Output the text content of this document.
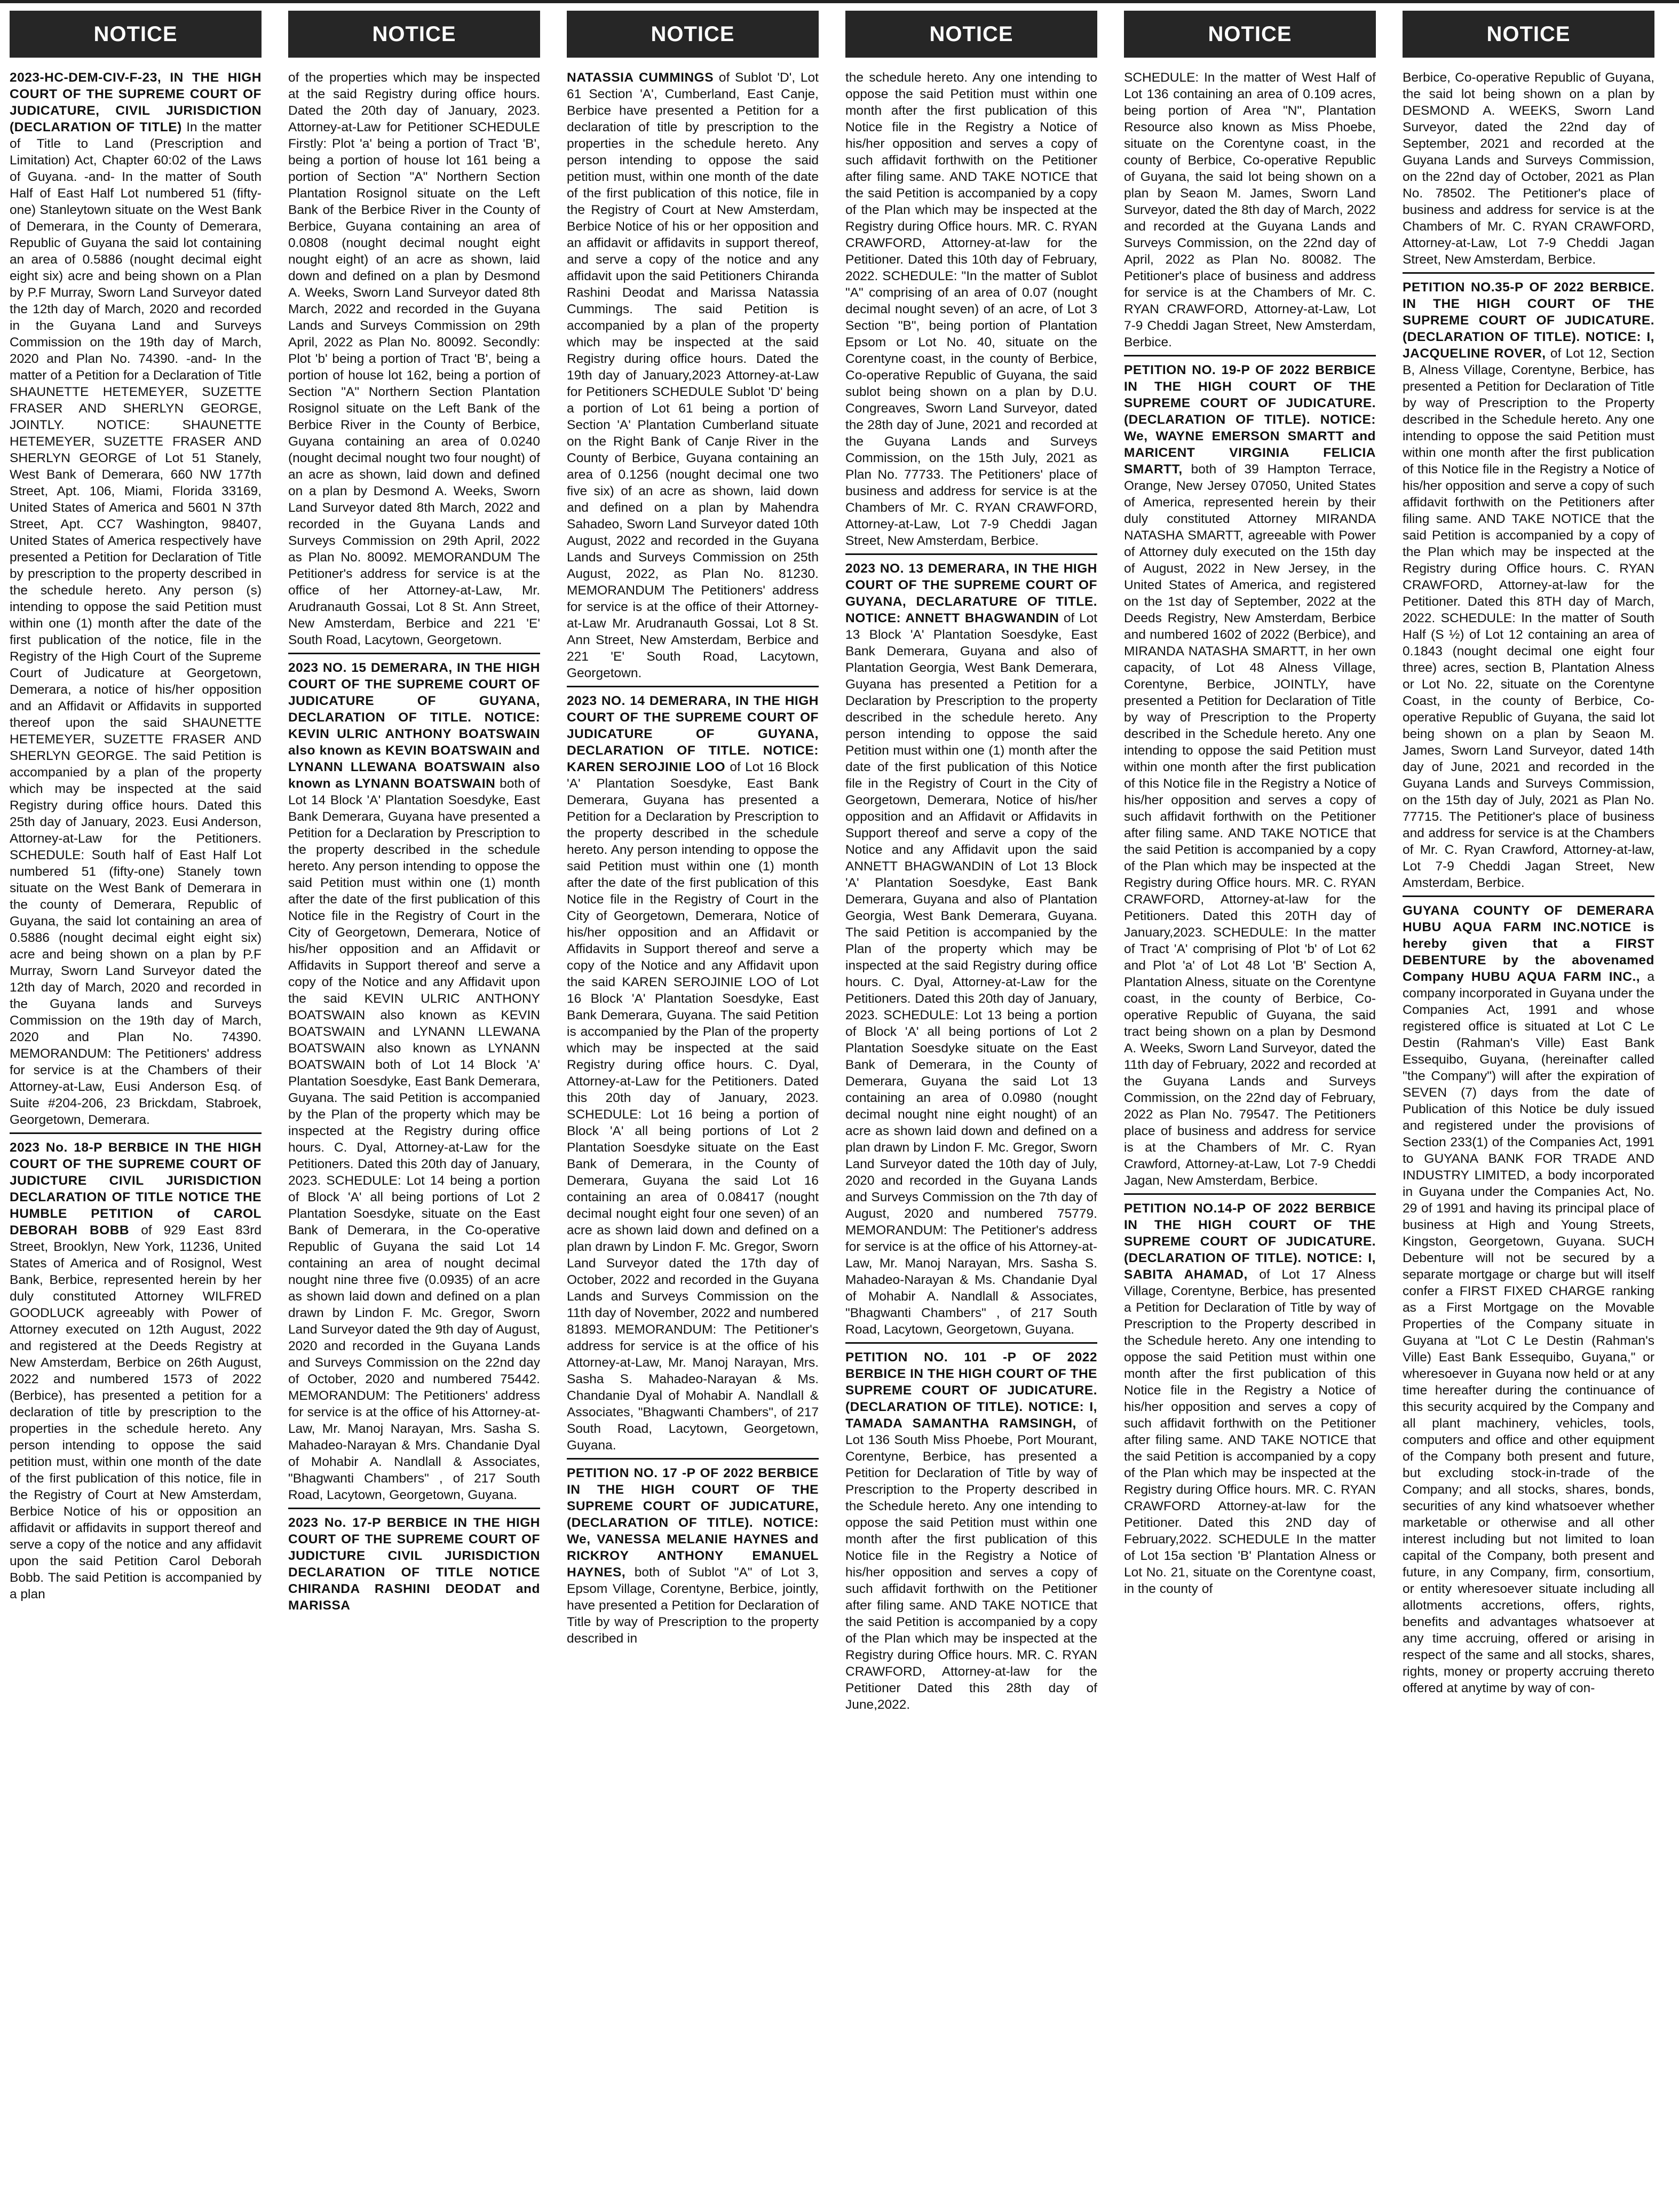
NOTICE
2023-HC-DEM-CIV-F-23, IN THE HIGH COURT OF THE SUPREME COURT OF JUDICATURE, CIVIL JURISDICTION (DECLARATION OF TITLE) In the matter of Title to Land (Prescription and Limitation) Act, Chapter 60:02 of the Laws of Guyana. -and- In the matter of South Half of East Half Lot numbered 51 (fifty-one) Stanleytown situate on the West Bank of Demerara, in the County of Demerara, Republic of Guyana the said lot containing an area of 0.5886 (nought decimal eight eight six) acre and being shown on a Plan by P.F Murray, Sworn Land Surveyor dated the 12th day of March, 2020 and recorded in the Guyana Land and Surveys Commission on the 19th day of March, 2020 and Plan No. 74390. -and- In the matter of a Petition for a Declaration of Title SHAUNETTE HETEMEYER, SUZETTE FRASER AND SHERLYN GEORGE, JOINTLY. NOTICE: SHAUNETTE HETEMEYER, SUZETTE FRASER AND SHERLYN GEORGE of Lot 51 Stanely, West Bank of Demerara, 660 NW 177th Street, Apt. 106, Miami, Florida 33169, United States of America and 5601 N 37th Street, Apt. CC7 Washington, 98407, United States of America respectively have presented a Petition for Declaration of Title by prescription to the property described in the schedule hereto. Any person (s) intending to oppose the said Petition must within one (1) month after the date of the first publication of the notice, file in the Registry of the High Court of the Supreme Court of Judicature at Georgetown, Demerara, a notice of his/her opposition and an Affidavit or Affidavits in supported thereof upon the said SHAUNETTE HETEMEYER, SUZETTE FRASER AND SHERLYN GEORGE. The said Petition is accompanied by a plan of the property which may be inspected at the said Registry during office hours. Dated this 25th day of January, 2023. Eusi Anderson, Attorney-at-Law for the Petitioners. SCHEDULE: South half of East Half Lot numbered 51 (fifty-one) Stanely town situate on the West Bank of Demerara in the county of Demerara, Republic of Guyana, the said lot containing an area of 0.5886 (nought decimal eight eight six) acre and being shown on a plan by P.F Murray, Sworn Land Surveyor dated the 12th day of March, 2020 and recorded in the Guyana lands and Surveys Commission on the 19th day of March, 2020 and Plan No. 74390. MEMORANDUM: The Petitioners' address for service is at the Chambers of their Attorney-at-Law, Eusi Anderson Esq. of Suite #204-206, 23 Brickdam, Stabroek, Georgetown, Demerara.
2023 No. 18-P BERBICE IN THE HIGH COURT OF THE SUPREME COURT OF JUDICTURE CIVIL JURISDICTION DECLARATION OF TITLE NOTICE THE HUMBLE PETITION of CAROL DEBORAH BOBB of 929 East 83rd Street, Brooklyn, New York, 11236, United States of America and of Rosignol, West Bank, Berbice, represented herein by her duly constituted Attorney WILFRED GOODLUCK agreeably with Power of Attorney executed on 12th August, 2022 and registered at the Deeds Registry at New Amsterdam, Berbice on 26th August, 2022 and numbered 1573 of 2022 (Berbice), has presented a petition for a declaration of title by prescription to the properties in the schedule hereto. Any person intending to oppose the said petition must, within one month of the date of the first publication of this notice, file in the Registry of Court at New Amsterdam, Berbice Notice of his or opposition an affidavit or affidavits in support thereof and serve a copy of the notice and any affidavit upon the said Petition Carol Deborah Bobb. The said Petition is accompanied by a plan
NOTICE
of the properties which may be inspected at the said Registry during office hours. Dated the 20th day of January, 2023. Attorney-at-Law for Petitioner SCHEDULE Firstly: Plot 'a' being a portion of Tract 'B', being a portion of house lot 161 being a portion of Section "A" Northern Section Plantation Rosignol situate on the Left Bank of the Berbice River in the County of Berbice, Guyana containing an area of 0.0808 (nought decimal nought eight nought eight) of an acre as shown, laid down and defined on a plan by Desmond A. Weeks, Sworn Land Surveyor dated 8th March, 2022 and recorded in the Guyana Lands and Surveys Commission on 29th April, 2022 as Plan No. 80092. Secondly: Plot 'b' being a portion of Tract 'B', being a portion of house lot 162, being a portion of Section "A" Northern Section Plantation Rosignol situate on the Left Bank of the Berbice River in the County of Berbice, Guyana containing an area of 0.0240 (nought decimal nought two four nought) of an acre as shown, laid down and defined on a plan by Desmond A. Weeks, Sworn Land Surveyor dated 8th March, 2022 and recorded in the Guyana Lands and Surveys Commission on 29th April, 2022 as Plan No. 80092. MEMORANDUM The Petitioner's address for service is at the office of her Attorney-at-Law, Mr. Arudranauth Gossai, Lot 8 St. Ann Street, New Amsterdam, Berbice and 221 'E' South Road, Lacytown, Georgetown.
2023 NO. 15 DEMERARA, IN THE HIGH COURT OF THE SUPREME COURT OF JUDICATURE OF GUYANA, DECLARATION OF TITLE. NOTICE: KEVIN ULRIC ANTHONY BOATSWAIN also known as KEVIN BOATSWAIN and LYNANN LLEWANA BOATSWAIN also known as LYNANN BOATSWAIN both of Lot 14 Block 'A' Plantation Soesdyke, East Bank Demerara, Guyana have presented a Petition for a Declaration by Prescription to the property described in the schedule hereto. Any person intending to oppose the said Petition must within one (1) month after the date of the first publication of this Notice file in the Registry of Court in the City of Georgetown, Demerara, Notice of his/her opposition and an Affidavit or Affidavits in Support thereof and serve a copy of the Notice and any Affidavit upon the said KEVIN ULRIC ANTHONY BOATSWAIN also known as KEVIN BOATSWAIN and LYNANN LLEWANA BOATSWAIN also known as LYNANN BOATSWAIN both of Lot 14 Block 'A' Plantation Soesdyke, East Bank Demerara, Guyana. The said Petition is accompanied by the Plan of the property which may be inspected at the Registry during office hours. C. Dyal, Attorney-at-Law for the Petitioners. Dated this 20th day of January, 2023. SCHEDULE: Lot 14 being a portion of Block 'A' all being portions of Lot 2 Plantation Soesdyke, situate on the East Bank of Demerara, in the Co-operative Republic of Guyana the said Lot 14 containing an area of nought decimal nought nine three five (0.0935) of an acre as shown laid down and defined on a plan drawn by Lindon F. Mc. Gregor, Sworn Land Surveyor dated the 9th day of August, 2020 and recorded in the Guyana Lands and Surveys Commission on the 22nd day of October, 2020 and numbered 75442. MEMORANDUM: The Petitioners' address for service is at the office of his Attorney-at-Law, Mr. Manoj Narayan, Mrs. Sasha S. Mahadeo-Narayan & Mrs. Chandanie Dyal of Mohabir A. Nandlall & Associates, "Bhagwanti Chambers" , of 217 South Road, Lacytown, Georgetown, Guyana.
2023 No. 17-P BERBICE IN THE HIGH COURT OF THE SUPREME COURT OF JUDICTURE CIVIL JURISDICTION DECLARATION OF TITLE NOTICE CHIRANDA RASHINI DEODAT and MARISSA
NOTICE
NATASSIA CUMMINGS of Sublot 'D', Lot 61 Section 'A', Cumberland, East Canje, Berbice have presented a Petition for a declaration of title by prescription to the properties in the schedule hereto. Any person intending to oppose the said petition must, within one month of the date of the first publication of this notice, file in the Registry of Court at New Amsterdam, Berbice Notice of his or her opposition and an affidavit or affidavits in support thereof, and serve a copy of the notice and any affidavit upon the said Petitioners Chiranda Rashini Deodat and Marissa Natassia Cummings. The said Petition is accompanied by a plan of the property which may be inspected at the said Registry during office hours. Dated the 19th day of January,2023 Attorney-at-Law for Petitioners SCHEDULE Sublot 'D' being a portion of Lot 61 being a portion of Section 'A' Plantation Cumberland situate on the Right Bank of Canje River in the County of Berbice, Guyana containing an area of 0.1256 (nought decimal one two five six) of an acre as shown, laid down and defined on a plan by Mahendra Sahadeo, Sworn Land Surveyor dated 10th August, 2022 and recorded in the Guyana Lands and Surveys Commission on 25th August, 2022, as Plan No. 81230. MEMORANDUM The Petitioners' address for service is at the office of their Attorney-at-Law Mr. Arudranauth Gossai, Lot 8 St. Ann Street, New Amsterdam, Berbice and 221 'E' South Road, Lacytown, Georgetown.
2023 NO. 14 DEMERARA, IN THE HIGH COURT OF THE SUPREME COURT OF JUDICATURE OF GUYANA, DECLARATION OF TITLE. NOTICE: KAREN SEROJINIE LOO of Lot 16 Block 'A' Plantation Soesdyke, East Bank Demerara, Guyana has presented a Petition for a Declaration by Prescription to the property described in the schedule hereto. Any person intending to oppose the said Petition must within one (1) month after the date of the first publication of this Notice file in the Registry of Court in the City of Georgetown, Demerara, Notice of his/her opposition and an Affidavit or Affidavits in Support thereof and serve a copy of the Notice and any Affidavit upon the said KAREN SEROJINIE LOO of Lot 16 Block 'A' Plantation Soesdyke, East Bank Demerara, Guyana. The said Petition is accompanied by the Plan of the property which may be inspected at the said Registry during office hours. C. Dyal, Attorney-at-Law for the Petitioners. Dated this 20th day of January, 2023. SCHEDULE: Lot 16 being a portion of Block 'A' all being portions of Lot 2 Plantation Soesdyke situate on the East Bank of Demerara, in the County of Demerara, Guyana the said Lot 16 containing an area of 0.08417 (nought decimal nought eight four one seven) of an acre as shown laid down and defined on a plan drawn by Lindon F. Mc. Gregor, Sworn Land Surveyor dated the 17th day of October, 2022 and recorded in the Guyana Lands and Surveys Commission on the 11th day of November, 2022 and numbered 81893. MEMORANDUM: The Petitioner's address for service is at the office of his Attorney-at-Law, Mr. Manoj Narayan, Mrs. Sasha S. Mahadeo-Narayan & Ms. Chandanie Dyal of Mohabir A. Nandlall & Associates, "Bhagwanti Chambers", of 217 South Road, Lacytown, Georgetown, Guyana.
PETITION NO. 17 -P OF 2022 BERBICE IN THE HIGH COURT OF THE SUPREME COURT OF JUDICATURE, (DECLARATION OF TITLE). NOTICE: We, VANESSA MELANIE HAYNES and RICKROY ANTHONY EMANUEL HAYNES, both of Sublot "A" of Lot 3, Epsom Village, Corentyne, Berbice, jointly, have presented a Petition for Declaration of Title by way of Prescription to the property described in
NOTICE
the schedule hereto. Any one intending to oppose the said Petition must within one month after the first publication of this Notice file in the Registry a Notice of his/her opposition and serves a copy of such affidavit forthwith on the Petitioner after filing same. AND TAKE NOTICE that the said Petition is accompanied by a copy of the Plan which may be inspected at the Registry during Office hours. MR. C. RYAN CRAWFORD, Attorney-at-law for the Petitioner. Dated this 10th day of February, 2022. SCHEDULE: "In the matter of Sublot "A" comprising of an area of 0.07 (nought decimal nought seven) of an acre, of Lot 3 Section "B", being portion of Plantation Epsom or Lot No. 40, situate on the Corentyne coast, in the county of Berbice, Co-operative Republic of Guyana, the said sublot being shown on a plan by D.U. Congreaves, Sworn Land Surveyor, dated the 28th day of June, 2021 and recorded at the Guyana Lands and Surveys Commission, on the 15th July, 2021 as Plan No. 77733. The Petitioners' place of business and address for service is at the Chambers of Mr. C. RYAN CRAWFORD, Attorney-at-Law, Lot 7-9 Cheddi Jagan Street, New Amsterdam, Berbice.
2023 NO. 13 DEMERARA, IN THE HIGH COURT OF THE SUPREME COURT OF GUYANA, DECLARATURE OF TITLE. NOTICE: ANNETT BHAGWANDIN of Lot 13 Block 'A' Plantation Soesdyke, East Bank Demerara, Guyana and also of Plantation Georgia, West Bank Demerara, Guyana has presented a Petition for a Declaration by Prescription to the property described in the schedule hereto. Any person intending to oppose the said Petition must within one (1) month after the date of the first publication of this Notice file in the Registry of Court in the City of Georgetown, Demerara, Notice of his/her opposition and an Affidavit or Affidavits in Support thereof and serve a copy of the Notice and any Affidavit upon the said ANNETT BHAGWANDIN of Lot 13 Block 'A' Plantation Soesdyke, East Bank Demerara, Guyana and also of Plantation Georgia, West Bank Demerara, Guyana. The said Petition is accompanied by the Plan of the property which may be inspected at the said Registry during office hours. C. Dyal, Attorney-at-Law for the Petitioners. Dated this 20th day of January, 2023. SCHEDULE: Lot 13 being a portion of Block 'A' all being portions of Lot 2 Plantation Soesdyke situate on the East Bank of Demerara, in the County of Demerara, Guyana the said Lot 13 containing an area of 0.0980 (nought decimal nought nine eight nought) of an acre as shown laid down and defined on a plan drawn by Lindon F. Mc. Gregor, Sworn Land Surveyor dated the 10th day of July, 2020 and recorded in the Guyana Lands and Surveys Commission on the 7th day of August, 2020 and numbered 75779. MEMORANDUM: The Petitioner's address for service is at the office of his Attorney-at-Law, Mr. Manoj Narayan, Mrs. Sasha S. Mahadeo-Narayan & Ms. Chandanie Dyal of Mohabir A. Nandlall & Associates, "Bhagwanti Chambers" , of 217 South Road, Lacytown, Georgetown, Guyana.
PETITION NO. 101 -P OF 2022 BERBICE IN THE HIGH COURT OF THE SUPREME COURT OF JUDICATURE. (DECLARATION OF TITLE). NOTICE: I, TAMADA SAMANTHA RAMSINGH, of Lot 136 South Miss Phoebe, Port Mourant, Corentyne, Berbice, has presented a Petition for Declaration of Title by way of Prescription to the Property described in the Schedule hereto. Any one intending to oppose the said Petition must within one month after the first publication of this Notice file in the Registry a Notice of his/her opposition and serves a copy of such affidavit forthwith on the Petitioner after filing same. AND TAKE NOTICE that the said Petition is accompanied by a copy of the Plan which may be inspected at the Registry during Office hours. MR. C. RYAN CRAWFORD, Attorney-at-law for the Petitioner Dated this 28th day of June,2022.
NOTICE
SCHEDULE: In the matter of West Half of Lot 136 containing an area of 0.109 acres, being portion of Area "N", Plantation Resource also known as Miss Phoebe, situate on the Corentyne coast, in the county of Berbice, Co-operative Republic of Guyana, the said lot being shown on a plan by Seaon M. James, Sworn Land Surveyor, dated the 8th day of March, 2022 and recorded at the Guyana Lands and Surveys Commission, on the 22nd day of April, 2022 as Plan No. 80082. The Petitioner's place of business and address for service is at the Chambers of Mr. C. RYAN CRAWFORD, Attorney-at-Law, Lot 7-9 Cheddi Jagan Street, New Amsterdam, Berbice.
PETITION NO. 19-P OF 2022 BERBICE IN THE HIGH COURT OF THE SUPREME COURT OF JUDICATURE. (DECLARATION OF TITLE). NOTICE: We, WAYNE EMERSON SMARTT and MARICENT VIRGINIA FELICIA SMARTT, both of 39 Hampton Terrace, Orange, New Jersey 07050, United States of America, represented herein by their duly constituted Attorney MIRANDA NATASHA SMARTT, agreeable with Power of Attorney duly executed on the 15th day of August, 2022 in New Jersey, in the United States of America, and registered on the 1st day of September, 2022 at the Deeds Registry, New Amsterdam, Berbice and numbered 1602 of 2022 (Berbice), and MIRANDA NATASHA SMARTT, in her own capacity, of Lot 48 Alness Village, Corentyne, Berbice, JOINTLY, have presented a Petition for Declaration of Title by way of Prescription to the Property described in the Schedule hereto. Any one intending to oppose the said Petition must within one month after the first publication of this Notice file in the Registry a Notice of his/her opposition and serves a copy of such affidavit forthwith on the Petitioner after filing same. AND TAKE NOTICE that the said Petition is accompanied by a copy of the Plan which may be inspected at the Registry during Office hours. MR. C. RYAN CRAWFORD, Attorney-at-law for the Petitioners. Dated this 20TH day of January,2023. SCHEDULE: In the matter of Tract 'A' comprising of Plot 'b' of Lot 62 and Plot 'a' of Lot 48 Lot 'B' Section A, Plantation Alness, situate on the Corentyne coast, in the county of Berbice, Co-operative Republic of Guyana, the said tract being shown on a plan by Desmond A. Weeks, Sworn Land Surveyor, dated the 11th day of February, 2022 and recorded at the Guyana Lands and Surveys Commission, on the 22nd day of February, 2022 as Plan No. 79547. The Petitioners place of business and address for service is at the Chambers of Mr. C. Ryan Crawford, Attorney-at-Law, Lot 7-9 Cheddi Jagan, New Amsterdam, Berbice.
PETITION NO.14-P OF 2022 BERBICE IN THE HIGH COURT OF THE SUPREME COURT OF JUDICATURE. (DECLARATION OF TITLE). NOTICE: I, SABITA AHAMAD, of Lot 17 Alness Village, Corentyne, Berbice, has presented a Petition for Declaration of Title by way of Prescription to the Property described in the Schedule hereto. Any one intending to oppose the said Petition must within one month after the first publication of this Notice file in the Registry a Notice of his/her opposition and serves a copy of such affidavit forthwith on the Petitioner after filing same. AND TAKE NOTICE that the said Petition is accompanied by a copy of the Plan which may be inspected at the Registry during Office hours. MR. C. RYAN CRAWFORD Attorney-at-law for the Petitioner. Dated this 2ND day of February,2022. SCHEDULE In the matter of Lot 15a section 'B' Plantation Alness or Lot No. 21, situate on the Corentyne coast, in the county of
NOTICE
Berbice, Co-operative Republic of Guyana, the said lot being shown on a plan by DESMOND A. WEEKS, Sworn Land Surveyor, dated the 22nd day of September, 2021 and recorded at the Guyana Lands and Surveys Commission, on the 22nd day of October, 2021 as Plan No. 78502. The Petitioner's place of business and address for service is at the Chambers of Mr. C. RYAN CRAWFORD, Attorney-at-Law, Lot 7-9 Cheddi Jagan Street, New Amsterdam, Berbice.
PETITION NO.35-P OF 2022 BERBICE. IN THE HIGH COURT OF THE SUPREME COURT OF JUDICATURE. (DECLARATION OF TITLE). NOTICE: I, JACQUELINE ROVER, of Lot 12, Section B, Alness Village, Corentyne, Berbice, has presented a Petition for Declaration of Title by way of Prescription to the Property described in the Schedule hereto. Any one intending to oppose the said Petition must within one month after the first publication of this Notice file in the Registry a Notice of his/her opposition and serve a copy of such affidavit forthwith on the Petitioners after filing same. AND TAKE NOTICE that the said Petition is accompanied by a copy of the Plan which may be inspected at the Registry during Office hours. C. RYAN CRAWFORD, Attorney-at-law for the Petitioner. Dated this 8TH day of March, 2022. SCHEDULE: In the matter of South Half (S ½) of Lot 12 containing an area of 0.1843 (nought decimal one eight four three) acres, section B, Plantation Alness or Lot No. 22, situate on the Corentyne Coast, in the county of Berbice, Co-operative Republic of Guyana, the said lot being shown on a plan by Seaon M. James, Sworn Land Surveyor, dated 14th day of June, 2021 and recorded in the Guyana Lands and Surveys Commission, on the 15th day of July, 2021 as Plan No. 77715. The Petitioner's place of business and address for service is at the Chambers of Mr. C. Ryan Crawford, Attorney-at-law, Lot 7-9 Cheddi Jagan Street, New Amsterdam, Berbice.
GUYANA COUNTY OF DEMERARA HUBU AQUA FARM INC.NOTICE is hereby given that a FIRST DEBENTURE by the abovenamed Company HUBU AQUA FARM INC., a company incorporated in Guyana under the Companies Act, 1991 and whose registered office is situated at Lot C Le Destin (Rahman's Ville) East Bank Essequibo, Guyana, (hereinafter called "the Company") will after the expiration of SEVEN (7) days from the date of Publication of this Notice be duly issued and registered under the provisions of Section 233(1) of the Companies Act, 1991 to GUYANA BANK FOR TRADE AND INDUSTRY LIMITED, a body incorporated in Guyana under the Companies Act, No. 29 of 1991 and having its principal place of business at High and Young Streets, Kingston, Georgetown, Guyana. SUCH Debenture will not be secured by a separate mortgage or charge but will itself confer a FIRST FIXED CHARGE ranking as a First Mortgage on the Movable Properties of the Company situate in Guyana at "Lot C Le Destin (Rahman's Ville) East Bank Essequibo, Guyana," or wheresoever in Guyana now held or at any time hereafter during the continuance of this security acquired by the Company and all plant machinery, vehicles, tools, computers and office and other equipment of the Company both present and future, but excluding stock-in-trade of the Company; and all stocks, shares, bonds, securities of any kind whatsoever whether marketable or otherwise and all other interest including but not limited to loan capital of the Company, both present and future, in any Company, firm, consortium, or entity wheresoever situate including all allotments accretions, offers, rights, benefits and advantages whatsoever at any time accruing, offered or arising in respect of the same and all stocks, shares, rights, money or property accruing thereto offered at anytime by way of con-
